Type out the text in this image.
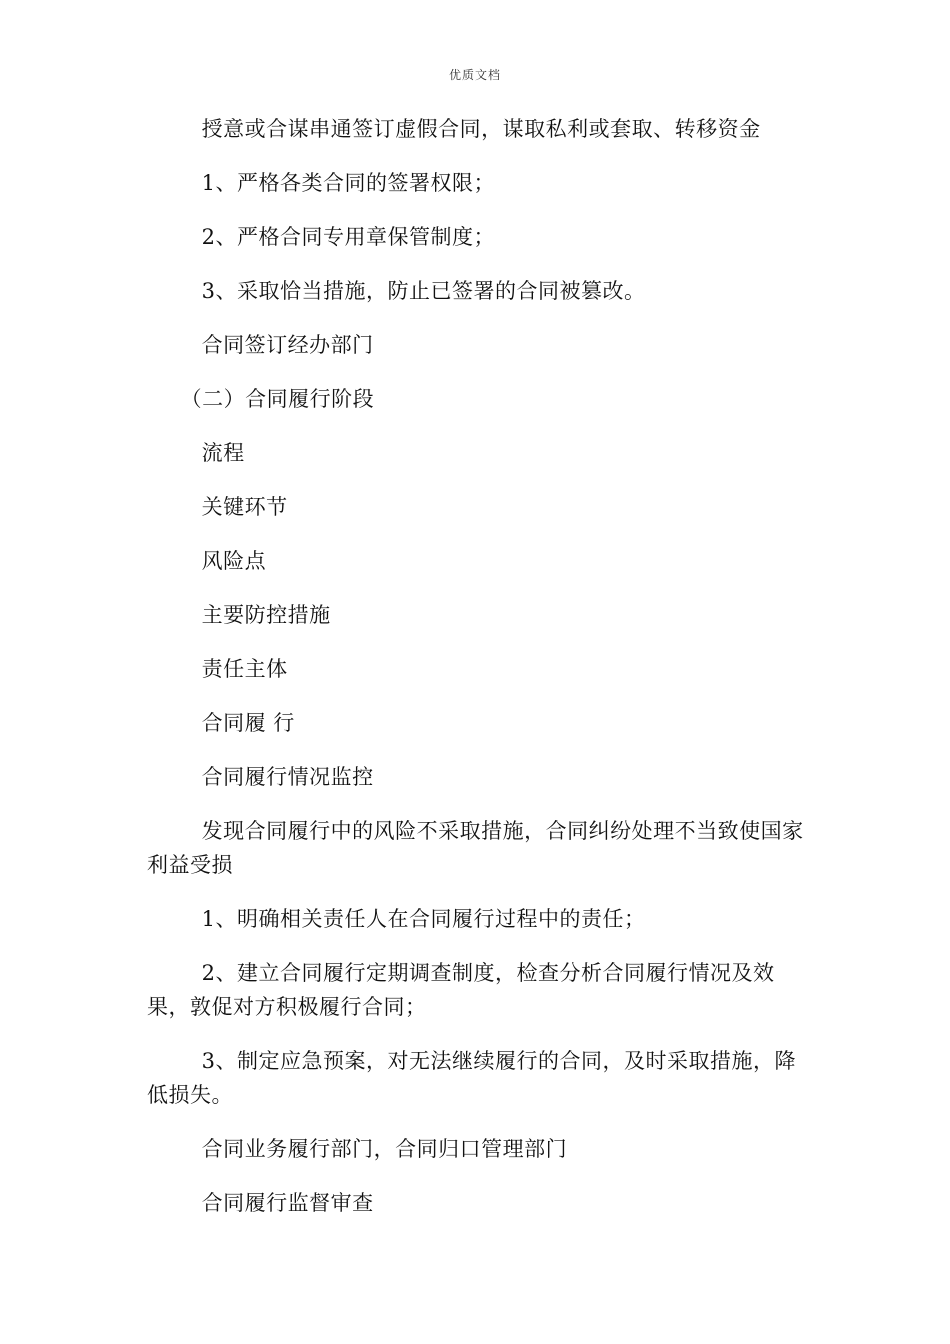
优质文档

授意或合谋串通签订虚假合同，谋取私利或套取、转移资金

1、严格各类合同的签署权限；

2、严格合同专用章保管制度；

3、采取恰当措施，防止已签署的合同被篡改。

合同签订经办部门

（二）合同履行阶段

流程

关键环节

风险点

主要防控措施

责任主体

合同履 行

合同履行情况监控

发现合同履行中的风险不采取措施，合同纠纷处理不当致使国家利益受损

1、明确相关责任人在合同履行过程中的责任；

2、建立合同履行定期调查制度，检查分析合同履行情况及效果，敦促对方积极履行合同；

3、制定应急预案，对无法继续履行的合同，及时采取措施，降低损失。

合同业务履行部门，合同归口管理部门

合同履行监督审查
